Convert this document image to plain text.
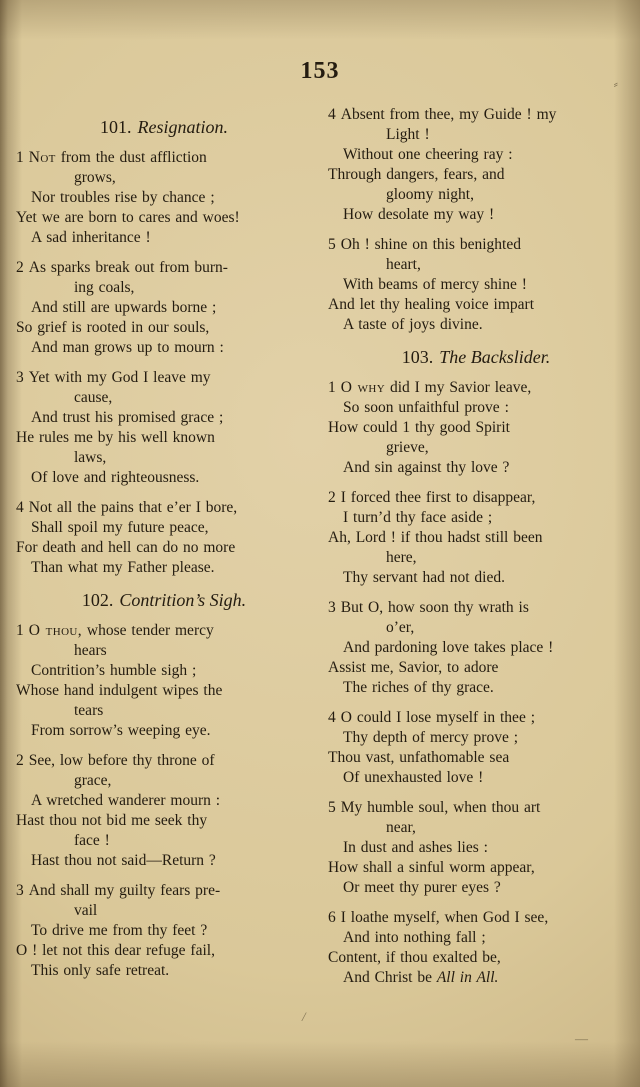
153
101. Resignation.
1 Not from the dust affliction
grows,
Nor troubles rise by chance ;
Yet we are born to cares and woes!
A sad inheritance !
2 As sparks break out from burn-
ing coals,
And still are upwards borne ;
So grief is rooted in our souls,
And man grows up to mourn :
3 Yet with my God I leave my
cause,
And trust his promised grace ;
He rules me by his well known
laws,
Of love and righteousness.
4 Not all the pains that e’er I bore,
Shall spoil my future peace,
For death and hell can do no more
Than what my Father please.
102. Contrition’s Sigh.
1 O thou, whose tender mercy
hears
Contrition’s humble sigh ;
Whose hand indulgent wipes the
tears
From sorrow’s weeping eye.
2 See, low before thy throne of
grace,
A wretched wanderer mourn :
Hast thou not bid me seek thy
face !
Hast thou not said—Return ?
3 And shall my guilty fears pre-
vail
To drive me from thy feet ?
O ! let not this dear refuge fail,
This only safe retreat.
4 Absent from thee, my Guide ! my
Light !
Without one cheering ray :
Through dangers, fears, and
gloomy night,
How desolate my way !
5 Oh ! shine on this benighted
heart,
With beams of mercy shine !
And let thy healing voice impart
A taste of joys divine.
103. The Backslider.
1 O why did I my Savior leave,
So soon unfaithful prove :
How could 1 thy good Spirit
grieve,
And sin against thy love ?
2 I forced thee first to disappear,
I turn’d thy face aside ;
Ah, Lord ! if thou hadst still been
here,
Thy servant had not died.
3 But O, how soon thy wrath is
o’er,
And pardoning love takes place !
Assist me, Savior, to adore
The riches of thy grace.
4 O could I lose myself in thee ;
Thy depth of mercy prove ;
Thou vast, unfathomable sea
Of unexhausted love !
5 My humble soul, when thou art
near,
In dust and ashes lies :
How shall a sinful worm appear,
Or meet thy purer eyes ?
6 I loathe myself, when God I see,
And into nothing fall ;
Content, if thou exalted be,
And Christ be All in All.
⸗
/
—
